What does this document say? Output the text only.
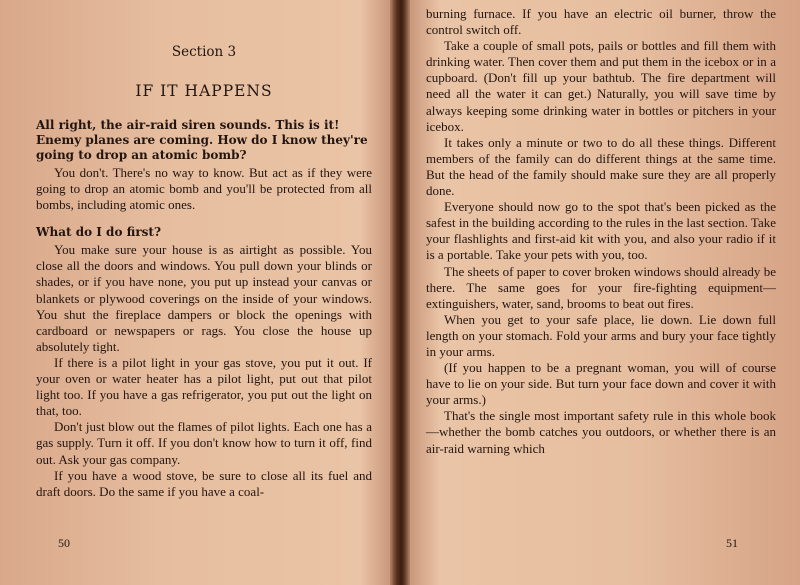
Section 3
IF IT HAPPENS
All right, the air-raid siren sounds. This is it! Enemy planes are coming. How do I know they're going to drop an atomic bomb?

You don't. There's no way to know. But act as if they were going to drop an atomic bomb and you'll be protected from all bombs, including atomic ones.

What do I do first?

You make sure your house is as airtight as possible. You close all the doors and windows. You pull down your blinds or shades, or if you have none, you put up instead your canvas or blankets or plywood coverings on the inside of your windows. You shut the fireplace dampers or block the openings with cardboard or newspapers or rags. You close the house up absolutely tight.

If there is a pilot light in your gas stove, you put it out. If your oven or water heater has a pilot light, put out that pilot light too. If you have a gas refrigerator, you put out the light on that, too.

Don't just blow out the flames of pilot lights. Each one has a gas supply. Turn it off. If you don't know how to turn it off, find out. Ask your gas company.

If you have a wood stove, be sure to close all its fuel and draft doors. Do the same if you have a coal-

50

burning furnace. If you have an electric oil burner, throw the control switch off.

Take a couple of small pots, pails or bottles and fill them with drinking water. Then cover them and put them in the icebox or in a cupboard. (Don't fill up your bathtub. The fire department will need all the water it can get.) Naturally, you will save time by always keeping some drinking water in bottles or pitchers in your icebox.

It takes only a minute or two to do all these things. Different members of the family can do different things at the same time. But the head of the family should make sure they are all properly done.

Everyone should now go to the spot that's been picked as the safest in the building according to the rules in the last section. Take your flashlights and first-aid kit with you, and also your radio if it is a portable. Take your pets with you, too.

The sheets of paper to cover broken windows should already be there. The same goes for your fire-fighting equipment—extinguishers, water, sand, brooms to beat out fires.

When you get to your safe place, lie down. Lie down full length on your stomach. Fold your arms and bury your face tightly in your arms.

(If you happen to be a pregnant woman, you will of course have to lie on your side. But turn your face down and cover it with your arms.)

That's the single most important safety rule in this whole book—whether the bomb catches you outdoors, or whether there is an air-raid warning which

51
